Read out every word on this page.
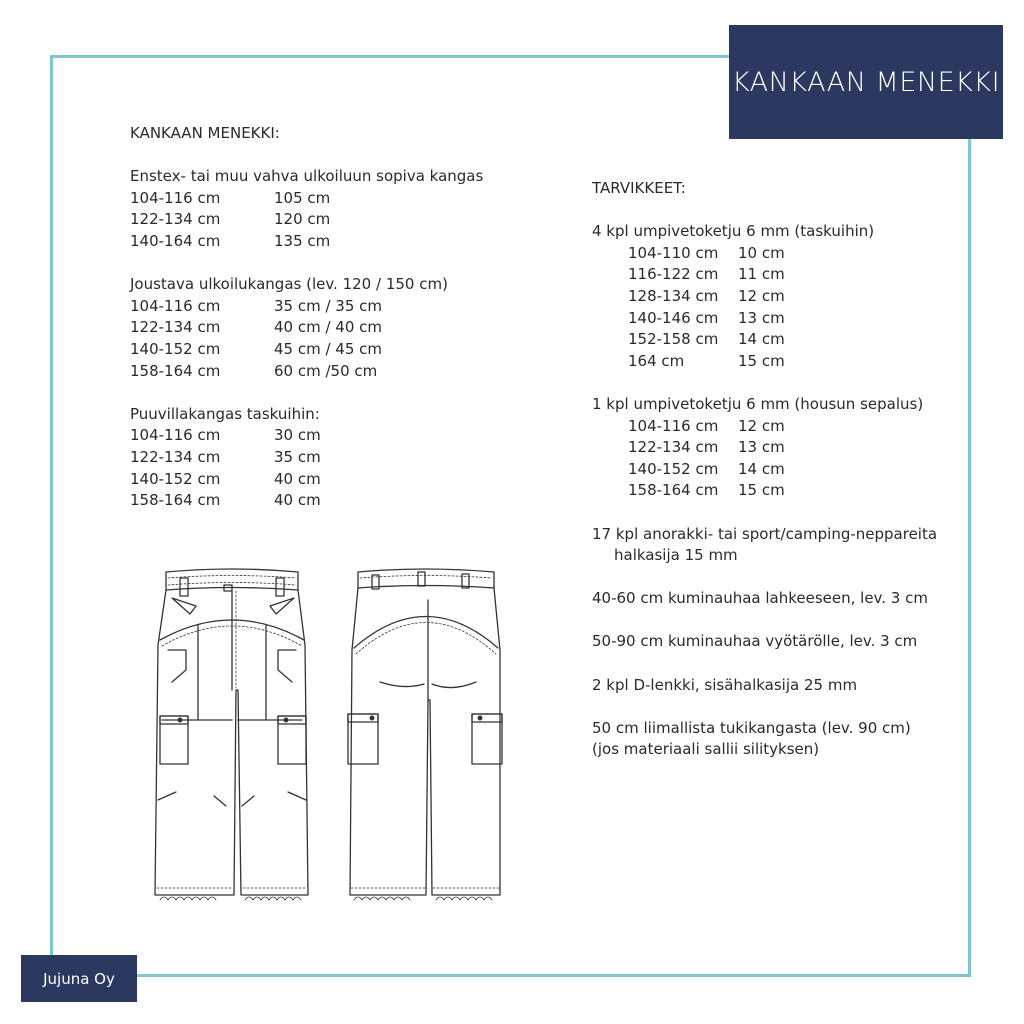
KANKAAN MENEKKI
KANKAAN MENEKKI:
Enstex- tai muu vahva ulkoiluun sopiva kangas
104-116 cm	105 cm
122-134 cm	120 cm
140-164 cm	135 cm
Joustava ulkoilukangas (lev. 120 / 150 cm)
104-116 cm	35 cm / 35 cm
122-134 cm	40 cm / 40 cm
140-152 cm	45 cm / 45 cm
158-164 cm	60 cm /50 cm
Puuvillakangas taskuihin:
104-116 cm	30 cm
122-134 cm	35 cm
140-152 cm	40 cm
158-164 cm	40 cm
TARVIKKEET:
4 kpl umpivetoketju 6 mm (taskuihin)
104-110 cm	10 cm
116-122 cm	11 cm
128-134 cm	12 cm
140-146 cm	13 cm
152-158 cm	14 cm
164 cm	15 cm
1 kpl umpivetoketju 6 mm (housun sepalus)
104-116 cm	12 cm
122-134 cm	13 cm
140-152 cm	14 cm
158-164 cm	15 cm
17 kpl anorakki- tai sport/camping-neppareita
halkasija 15 mm
40-60 cm kuminauhaa lahkeeseen, lev. 3 cm
50-90 cm kuminauhaa vyötärölle, lev. 3 cm
2 kpl D-lenkki, sisähalkasija 25 mm
50 cm liimallista tukikangasta (lev. 90 cm)
(jos materiaali sallii silityksen)
Jujuna Oy
